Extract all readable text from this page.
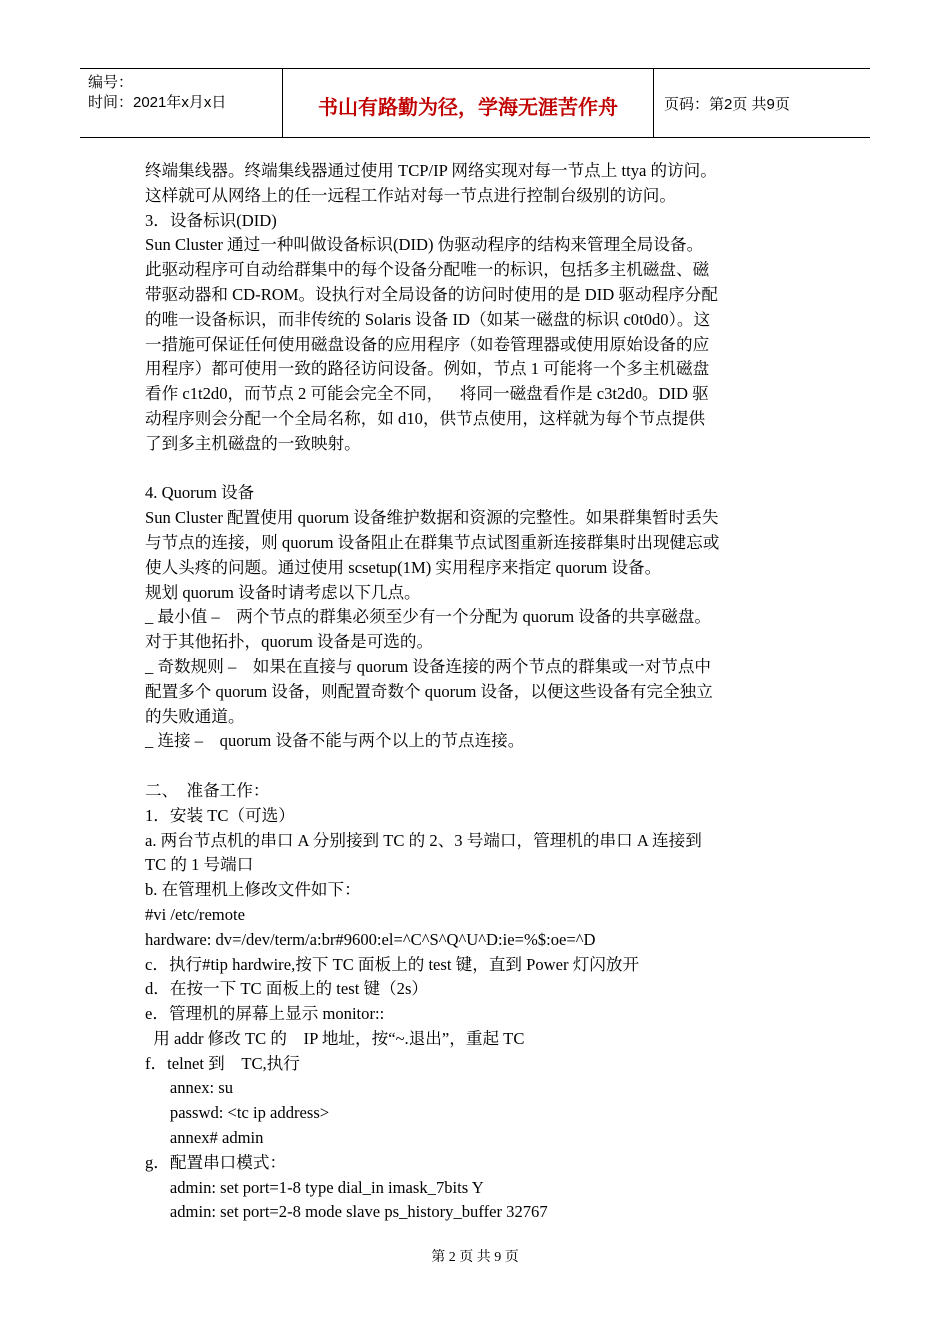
编号：
时间：2021年x月x日	书山有路勤为径，学海无涯苦作舟	页码：第2页 共9页
终端集线器。终端集线器通过使用 TCP/IP 网络实现对每一节点上 ttya 的访问。
这样就可从网络上的任一远程工作站对每一节点进行控制台级别的访问。
3．设备标识(DID)
Sun Cluster 通过一种叫做设备标识(DID) 伪驱动程序的结构来管理全局设备。
此驱动程序可自动给群集中的每个设备分配唯一的标识，包括多主机磁盘、磁
带驱动器和 CD-ROM。设执行对全局设备的访问时使用的是 DID 驱动程序分配
的唯一设备标识，而非传统的 Solaris 设备 ID（如某一磁盘的标识 c0t0d0）。这
一措施可保证任何使用磁盘设备的应用程序（如卷管理器或使用原始设备的应
用程序）都可使用一致的路径访问设备。例如，节点 1 可能将一个多主机磁盘
看作 c1t2d0，而节点 2 可能会完全不同，    将同一磁盘看作是 c3t2d0。DID 驱
动程序则会分配一个全局名称，如 d10，供节点使用，这样就为每个节点提供
了到多主机磁盘的一致映射。
4. Quorum 设备
Sun Cluster 配置使用 quorum 设备维护数据和资源的完整性。如果群集暂时丢失
与节点的连接，则 quorum 设备阻止在群集节点试图重新连接群集时出现健忘或
使人头疼的问题。通过使用 scsetup(1M) 实用程序来指定 quorum 设备。
规划 quorum 设备时请考虑以下几点。
_ 最小值 –    两个节点的群集必须至少有一个分配为 quorum 设备的共享磁盘。
对于其他拓扑，quorum 设备是可选的。
_ 奇数规则 –    如果在直接与 quorum 设备连接的两个节点的群集或一对节点中
配置多个 quorum 设备，则配置奇数个 quorum 设备，以便这些设备有完全独立
的失败通道。
_ 连接 –    quorum 设备不能与两个以上的节点连接。
二、  准备工作：
1．安装 TC（可选）
a. 两台节点机的串口 A 分别接到 TC 的 2、3 号端口，管理机的串口 A 连接到
TC 的 1 号端口
b. 在管理机上修改文件如下：
#vi /etc/remote
hardware: dv=/dev/term/a:br#9600:el=^C^S^Q^U^D:ie=%$:oe=^D
c．执行#tip hardwire,按下 TC 面板上的 test 键，直到 Power 灯闪放开
d．在按一下 TC 面板上的 test 键（2s）
e．管理机的屏幕上显示 monitor::
用 addr 修改 TC 的    IP 地址，按“~.退出”，重起 TC
f．telnet 到    TC,执行
annex: su
passwd: <tc ip address>
annex# admin
g．配置串口模式：
admin: set port=1-8 type dial_in imask_7bits Y
admin: set port=2-8 mode slave ps_history_buffer 32767
第 2 页 共 9 页
